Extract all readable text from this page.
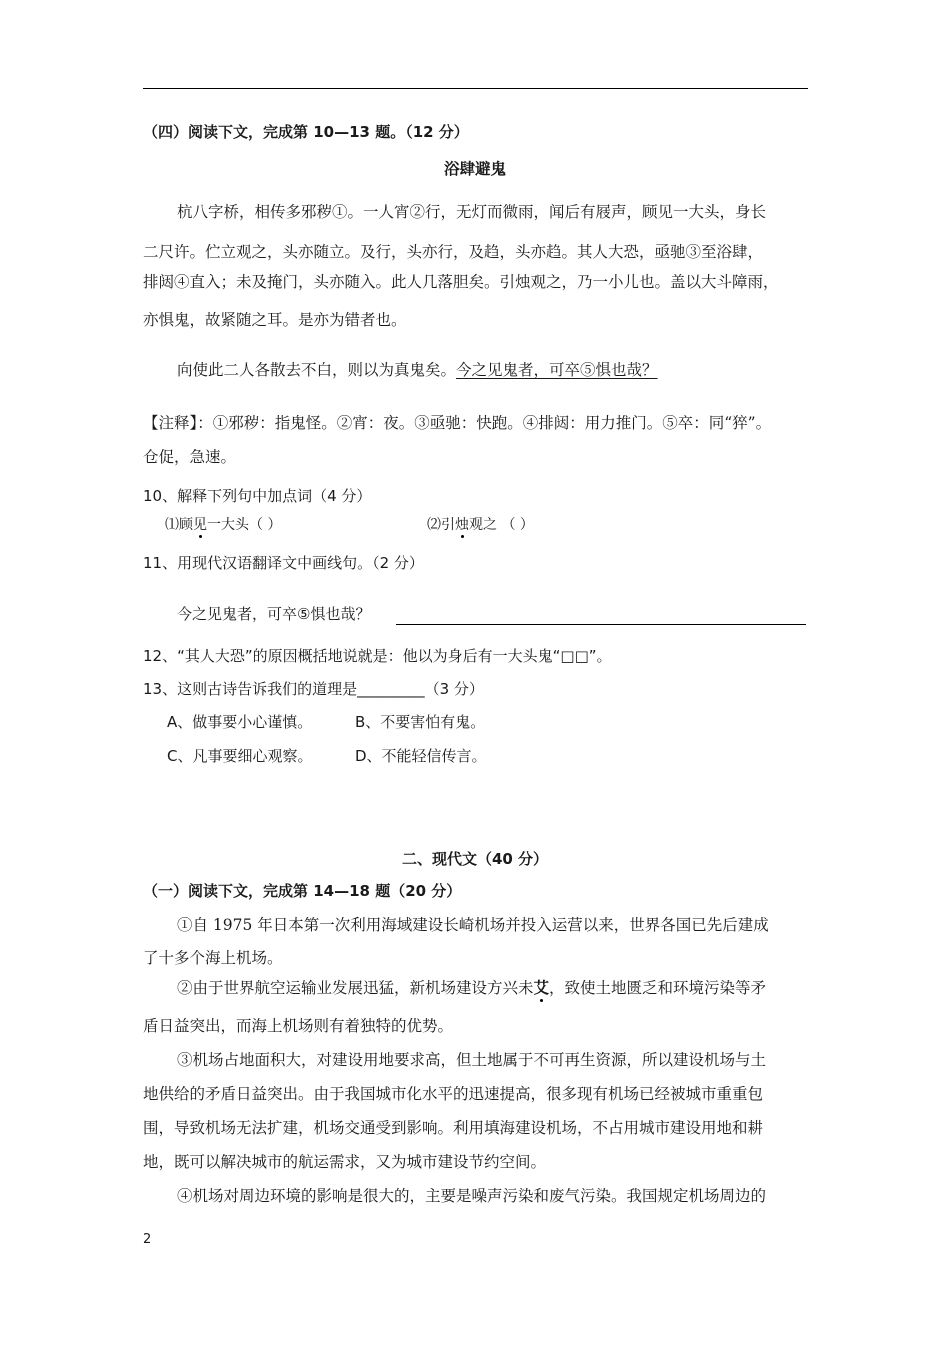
（四）阅读下文，完成第 10—13 题。（12 分）
浴肆避鬼
杭八字桥，相传多邪秽①。一人宵②行，无灯而微雨，闻后有屐声，顾见一大头，身长
二尺许。伫立观之，头亦随立。及行，头亦行，及趋，头亦趋。其人大恐，亟驰③至浴肆，
排闼④直入；未及掩门，头亦随入。此人几落胆矣。引烛观之，乃一小儿也。盖以大斗障雨，
亦惧鬼，故紧随之耳。是亦为错者也。
向使此二人各散去不白，则以为真鬼矣。今之见鬼者，可卒⑤惧也哉？
【注释】：①邪秽：指鬼怪。②宵：夜。③亟驰：快跑。④排闼：用力推门。⑤卒：同“猝”。
仓促，急速。
10、解释下列句中加点词（4 分）
⑴顾见一大头（ ）	⑵引烛观之 （ ）
11、用现代汉语翻译文中画线句。（2 分）
今之见鬼者，可卒⑤惧也哉？
12、“其人大恐”的原因概括地说就是：他以为身后有一大头鬼“□□”。
13、这则古诗告诉我们的道理是_________（3 分）
A、做事要小心谨慎。	B、不要害怕有鬼。
C、凡事要细心观察。	D、不能轻信传言。
二、现代文（40 分）
（一）阅读下文，完成第 14—18 题（20 分）
①自 1975 年日本第一次利用海域建设长崎机场并投入运营以来，世界各国已先后建成
了十多个海上机场。
②由于世界航空运输业发展迅猛，新机场建设方兴未艾，致使土地匮乏和环境污染等矛
盾日益突出，而海上机场则有着独特的优势。
③机场占地面积大，对建设用地要求高，但土地属于不可再生资源，所以建设机场与土
地供给的矛盾日益突出。由于我国城市化水平的迅速提高，很多现有机场已经被城市重重包
围，导致机场无法扩建，机场交通受到影响。利用填海建设机场，不占用城市建设用地和耕
地，既可以解决城市的航运需求，又为城市建设节约空间。
④机场对周边环境的影响是很大的，主要是噪声污染和废气污染。我国规定机场周边的
2
